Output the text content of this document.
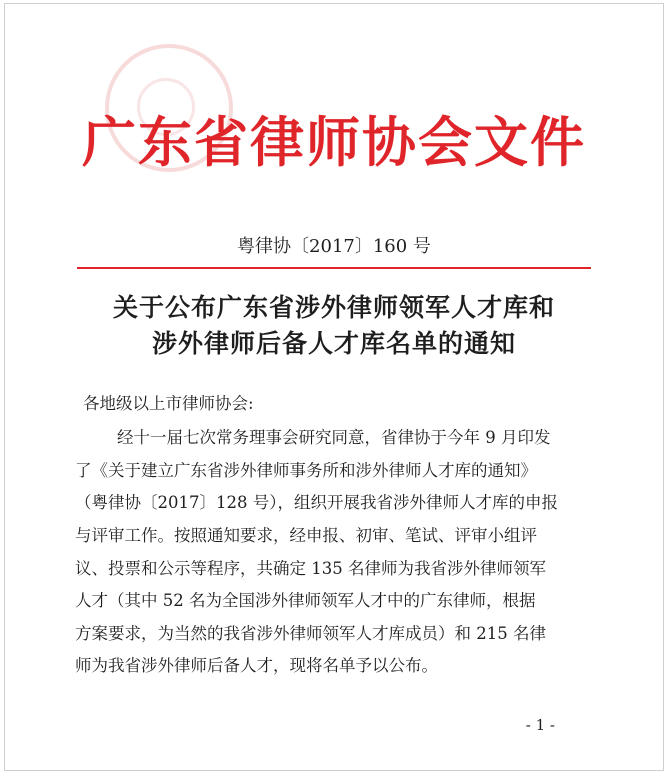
广东省律师协会文件
粤律协〔2017〕160 号
关于公布广东省涉外律师领军人才库和
涉外律师后备人才库名单的通知
各地级以上市律师协会:
经十一届七次常务理事会研究同意，省律协于今年 9 月印发
了《关于建立广东省涉外律师事务所和涉外律师人才库的通知》
（粤律协〔2017〕128 号），组织开展我省涉外律师人才库的申报
与评审工作。按照通知要求，经申报、初审、笔试、评审小组评
议、投票和公示等程序，共确定 135 名律师为我省涉外律师领军
人才（其中 52 名为全国涉外律师领军人才中的广东律师，根据
方案要求，为当然的我省涉外律师领军人才库成员）和 215 名律
师为我省涉外律师后备人才，现将名单予以公布。
- 1 -
